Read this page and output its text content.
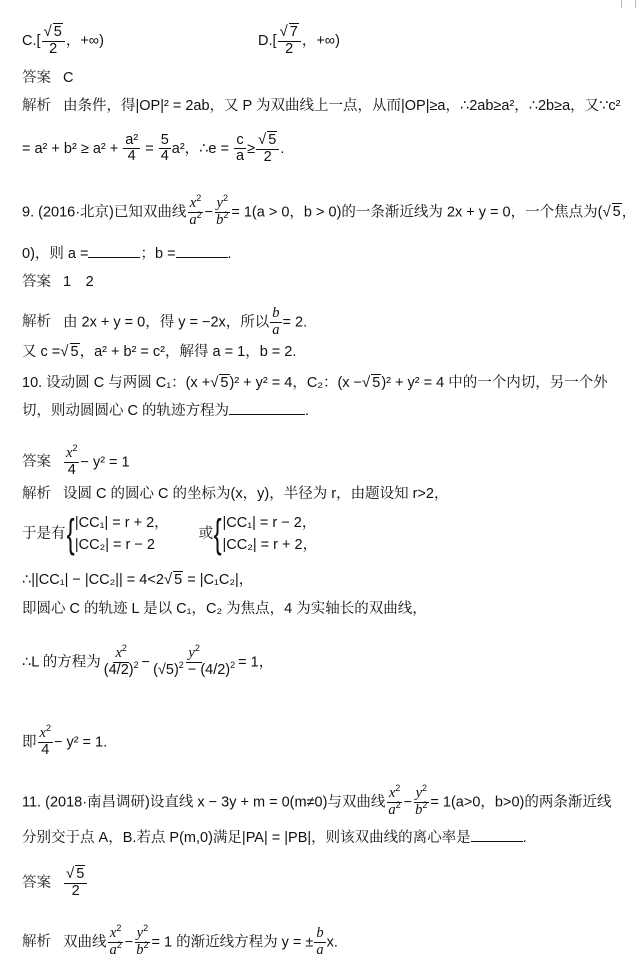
$C.[ \frac{√ 5}{2}$ ，+∞)	$D.[ \frac{√ 7}{2}$ ，+∞)
答案 C
解析 由条件，得|OP|² = 2ab，又 P 为双曲线上一点，从而|OP|≥a，∴2ab≥a²，∴2b≥a，又∵c²
= $a^2 + b^2 \ge a^2 + \frac{\text{a²}}{4} = \frac{5}{4} a^2$，∴e = $\frac{c}{a} \ge \frac{√ 5}{2}$ .
9. (2016·北京)已知双曲线 $\frac{x^2}{a^2} - \frac{y^2}{b^2} = 1(a > 0$，b > 0)的一条渐近线为 2x + y = 0，一个焦点为(√ 5，
0)，则 a =	；b =	.
答案 1　2
解析 由 2x + y = 0，得 y = −2x，所以 $\frac{b}{a} = 2$.
又 c =√ 5，a² + b² = c²，解得 a = 1，b = 2.
10. 设动圆 C 与两圆 C₁：(x +√ 5)² + y² = 4，C₂：(x −√ 5)² + y² = 4 中的一个内切，另一个外
切，则动圆圆心 C 的轨迹方程为	.
答案 $\frac{x^2}{4} - y^2 = 1$
解析 设圆 C 的圆心 C 的坐标为(x，y)，半径为 r，由题设知 r>2，
于是有{ |CC₁| = r + 2，
|CC₂| = r − 2
或{ |CC₁| = r − 2，
|CC₂| = r + 2，
∴||CC₁| − |CC₂|| = 4<2√ 5 = |C₁C₂|，
即圆心 C 的轨迹 L 是以 C₁，C₂ 为焦点，4 为实轴长的双曲线，
∴L 的方程为 $\frac{x^2}{(4/2)^2} - \frac{y^2}{(√5)^2 - (4/2)^2} = 1$，
即 $\frac{x^2}{4} - y^2 = 1$.
11. (2018·南昌调研)设直线 x − 3y + m = 0(m≠0)与双曲线 $\frac{x^2}{a^2} - \frac{y^2}{b^2} = 1(a>0$，b>0)的两条渐近线
分别交于点 A，B.若点 P(m,0)满足|PA| = |PB|，则该双曲线的离心率是	.
答案 $\frac{√ 5}{2}$
解析 双曲线 $\frac{x^2}{a^2} - \frac{y^2}{b^2} = 1$ 的渐近线方程为 y = ± $\frac{b}{a} x$.
